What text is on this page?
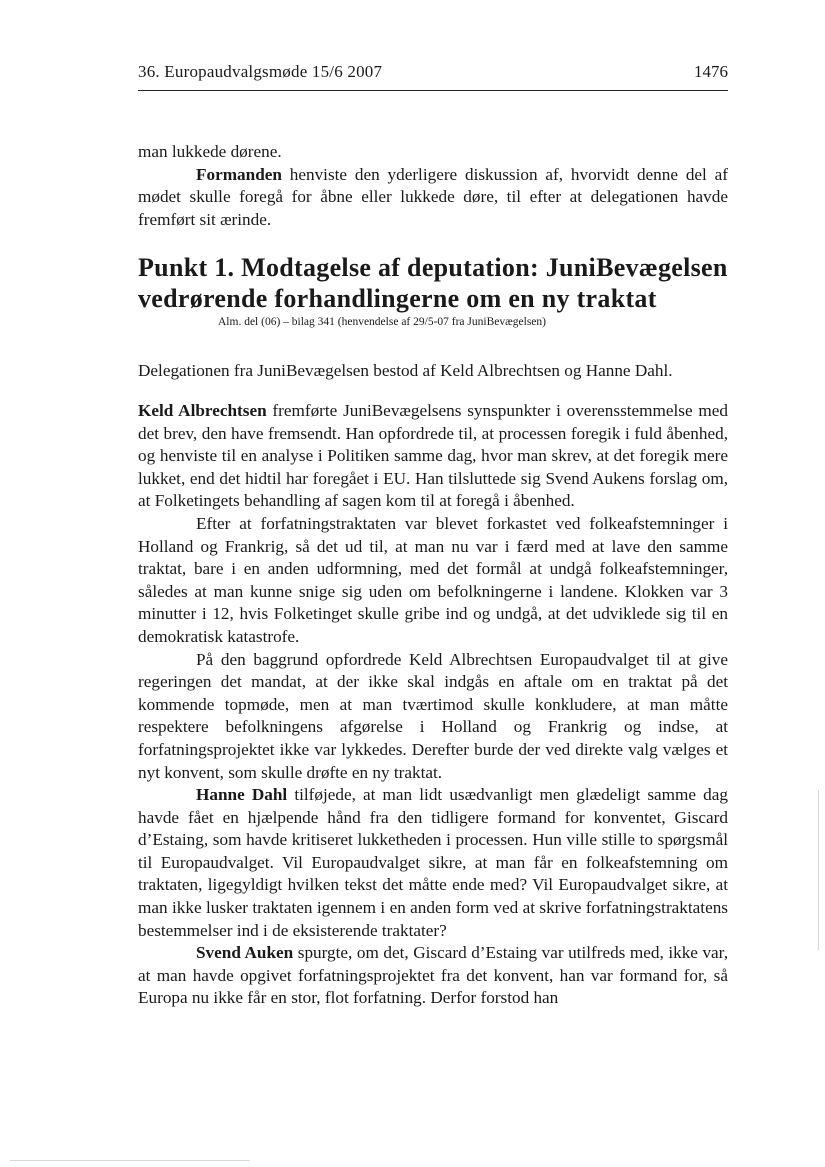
36. Europaudvalgsmøde 15/6 2007	1476

man lukkede dørene.

Formanden henviste den yderligere diskussion af, hvorvidt denne del af mødet skulle foregå for åbne eller lukkede døre, til efter at delegationen havde fremført sit ærinde.

Punkt 1. Modtagelse af deputation: JuniBevægelsen vedrørende forhandlingerne om en ny traktat
Alm. del (06) – bilag 341 (henvendelse af 29/5-07 fra JuniBevægelsen)

Delegationen fra JuniBevægelsen bestod af Keld Albrechtsen og Hanne Dahl.

Keld Albrechtsen fremførte JuniBevægelsens synspunkter i overensstemmelse med det brev, den have fremsendt. Han opfordrede til, at processen foregik i fuld åbenhed, og henviste til en analyse i Politiken samme dag, hvor man skrev, at det foregik mere lukket, end det hidtil har foregået i EU. Han tilsluttede sig Svend Aukens forslag om, at Folketingets behandling af sagen kom til at foregå i åbenhed.

Efter at forfatningstraktaten var blevet forkastet ved folkeafstemninger i Holland og Frankrig, så det ud til, at man nu var i færd med at lave den samme traktat, bare i en anden udformning, med det formål at undgå folkeafstemninger, således at man kunne snige sig uden om befolkningerne i landene. Klokken var 3 minutter i 12, hvis Folketinget skulle gribe ind og undgå, at det udviklede sig til en demokratisk katastrofe.

På den baggrund opfordrede Keld Albrechtsen Europaudvalget til at give regeringen det mandat, at der ikke skal indgås en aftale om en traktat på det kommende topmøde, men at man tværtimod skulle konkludere, at man måtte respektere befolkningens afgørelse i Holland og Frankrig og indse, at forfatningsprojektet ikke var lykkedes. Derefter burde der ved direkte valg vælges et nyt konvent, som skulle drøfte en ny traktat.

Hanne Dahl tilføjede, at man lidt usædvanligt men glædeligt samme dag havde fået en hjælpende hånd fra den tidligere formand for konventet, Giscard d’Estaing, som havde kritiseret lukketheden i processen. Hun ville stille to spørgsmål til Europaudvalget. Vil Europaudvalget sikre, at man får en folkeafstemning om traktaten, ligegyldigt hvilken tekst det måtte ende med? Vil Europaudvalget sikre, at man ikke lusker traktaten igennem i en anden form ved at skrive forfatningstraktatens bestemmelser ind i de eksisterende traktater?

Svend Auken spurgte, om det, Giscard d’Estaing var utilfreds med, ikke var, at man havde opgivet forfatningsprojektet fra det konvent, han var formand for, så Europa nu ikke får en stor, flot forfatning. Derfor forstod han
